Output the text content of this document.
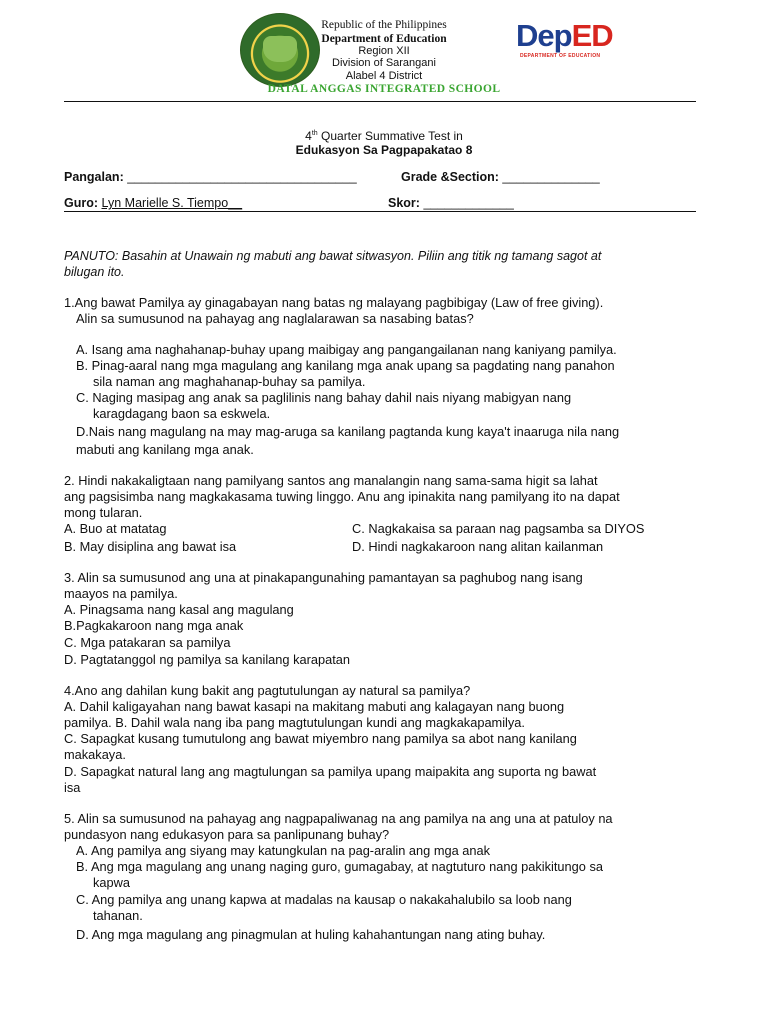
DepED
DEPARTMENT OF EDUCATION
Republic of the Philippines
Department of Education
Region XII
Division of Sarangani
Alabel 4 District
DATAL ANGGAS INTEGRATED SCHOOL
4th Quarter Summative Test in
Edukasyon Sa Pagpapakatao 8
Pangalan: _________________________________	Grade &Section: ______________
Guro: Lyn Marielle S. Tiempo__	Skor: _____________
PANUTO: Basahin at Unawain ng mabuti ang bawat sitwasyon. Piliin ang titik ng tamang sagot at
bilugan ito.
1.Ang bawat Pamilya ay ginagabayan nang batas ng malayang pagbibigay (Law of free giving).
Alin sa sumusunod na pahayag ang naglalarawan sa nasabing batas?
A. Isang ama naghahanap-buhay upang maibigay ang pangangailanan nang kaniyang pamilya.
B. Pinag-aaral nang mga magulang ang kanilang mga anak upang sa pagdating nang panahon
sila naman ang maghahanap-buhay sa pamilya.
C. Naging masipag ang anak sa paglilinis nang bahay dahil nais niyang mabigyan nang
karagdagang baon sa eskwela.
D.Nais nang magulang na may mag-aruga sa kanilang pagtanda kung kaya't inaaruga nila nang
mabuti ang kanilang mga anak.
2. Hindi nakakaligtaan nang pamilyang santos ang manalangin nang sama-sama higit sa lahat
ang pagsisimba nang magkakasama tuwing linggo. Anu ang ipinakita nang pamilyang ito na dapat
mong tularan.
A. Buo at matatag	C. Nagkakaisa sa paraan nag pagsamba sa DIYOS
B. May disiplina ang bawat isa	D. Hindi nagkakaroon nang alitan kailanman
3. Alin sa sumusunod ang una at pinakapangunahing pamantayan sa paghubog nang isang
maayos na pamilya.
A. Pinagsama nang kasal ang magulang
B.Pagkakaroon nang mga anak
C. Mga patakaran sa pamilya
D. Pagtatanggol ng pamilya sa kanilang karapatan
4.Ano ang dahilan kung bakit ang pagtutulungan ay natural sa pamilya?
A. Dahil kaligayahan nang bawat kasapi na makitang mabuti ang kalagayan nang buong
pamilya. B. Dahil wala nang iba pang magtutulungan kundi ang magkakapamilya.
C. Sapagkat kusang tumutulong ang bawat miyembro nang pamilya sa abot nang kanilang
makakaya.
D. Sapagkat natural lang ang magtulungan sa pamilya upang maipakita ang suporta ng bawat
isa
5. Alin sa sumusunod na pahayag ang nagpapaliwanag na ang pamilya na ang una at patuloy na
pundasyon nang edukasyon para sa panlipunang buhay?
A. Ang pamilya ang siyang may katungkulan na pag-aralin ang mga anak
B. Ang mga magulang ang unang naging guro, gumagabay, at nagtuturo nang pakikitungo sa
kapwa
C. Ang pamilya ang unang kapwa at madalas na kausap o nakakahalubilo sa loob nang
tahanan.
D. Ang mga magulang ang pinagmulan at huling kahahantungan nang ating buhay.
